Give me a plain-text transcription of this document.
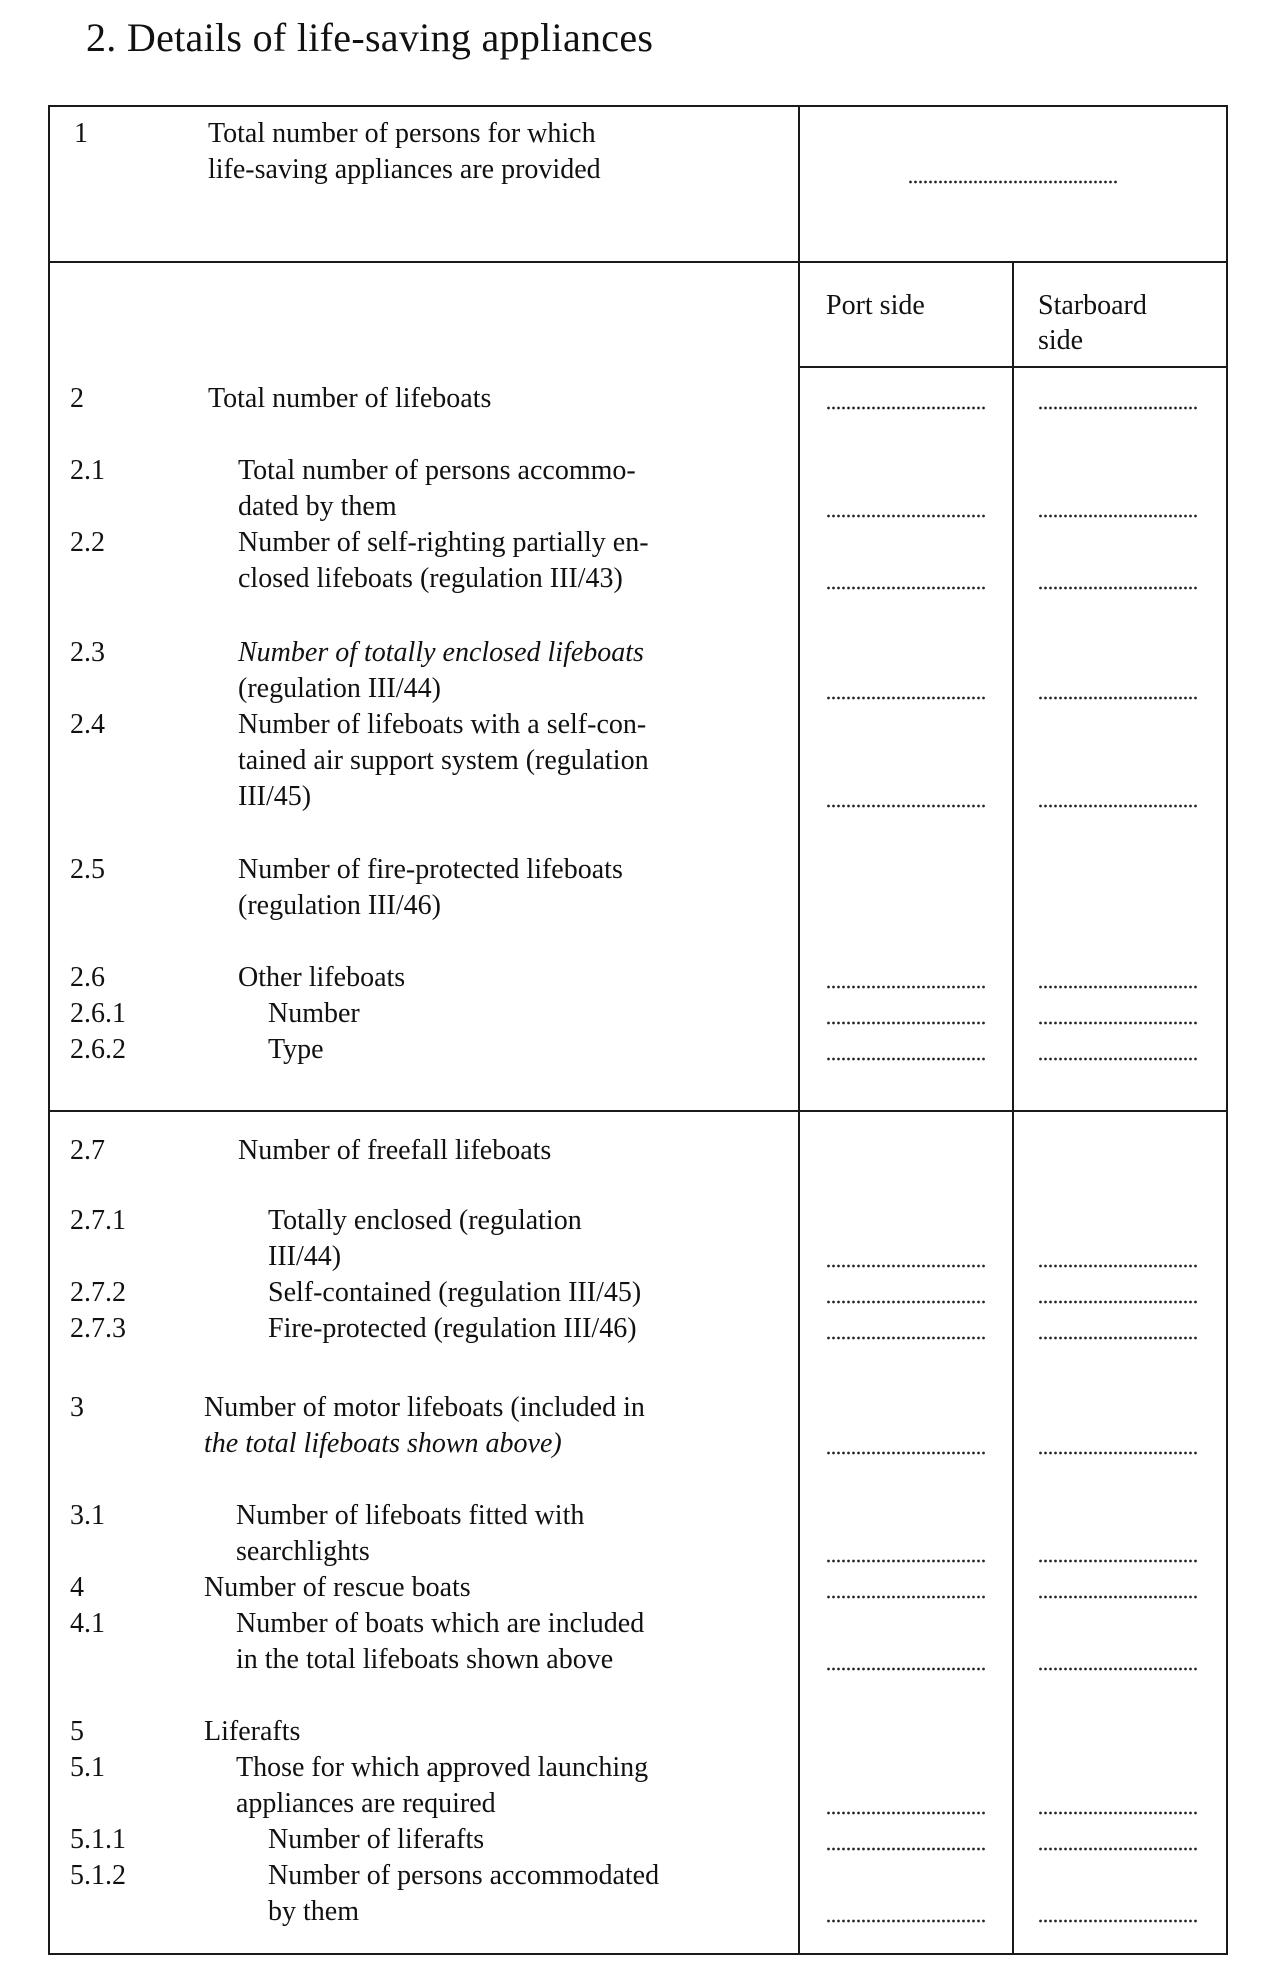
2. Details of life-saving appliances
1	Total number of persons for which
life-saving appliances are provided
Port side	Starboard
side
2	Total number of lifeboats
2.1	Total number of persons accommo-
dated by them
2.2	Number of self-righting partially en-
closed lifeboats (regulation III/43)
2.3	Number of totally enclosed lifeboats
(regulation III/44)
2.4	Number of lifeboats with a self-con-
tained air support system (regulation
III/45)
2.5	Number of fire-protected lifeboats
(regulation III/46)
2.6	Other lifeboats
2.6.1	Number
2.6.2	Type
2.7	Number of freefall lifeboats
2.7.1	Totally enclosed (regulation
III/44)
2.7.2	Self-contained (regulation III/45)
2.7.3	Fire-protected (regulation III/46)
3	Number of motor lifeboats (included in
the total lifeboats shown above)
3.1	Number of lifeboats fitted with
searchlights
4	Number of rescue boats
4.1	Number of boats which are included
in the total lifeboats shown above
5	Liferafts
5.1	Those for which approved launching
appliances are required
5.1.1	Number of liferafts
5.1.2	Number of persons accommodated
by them
